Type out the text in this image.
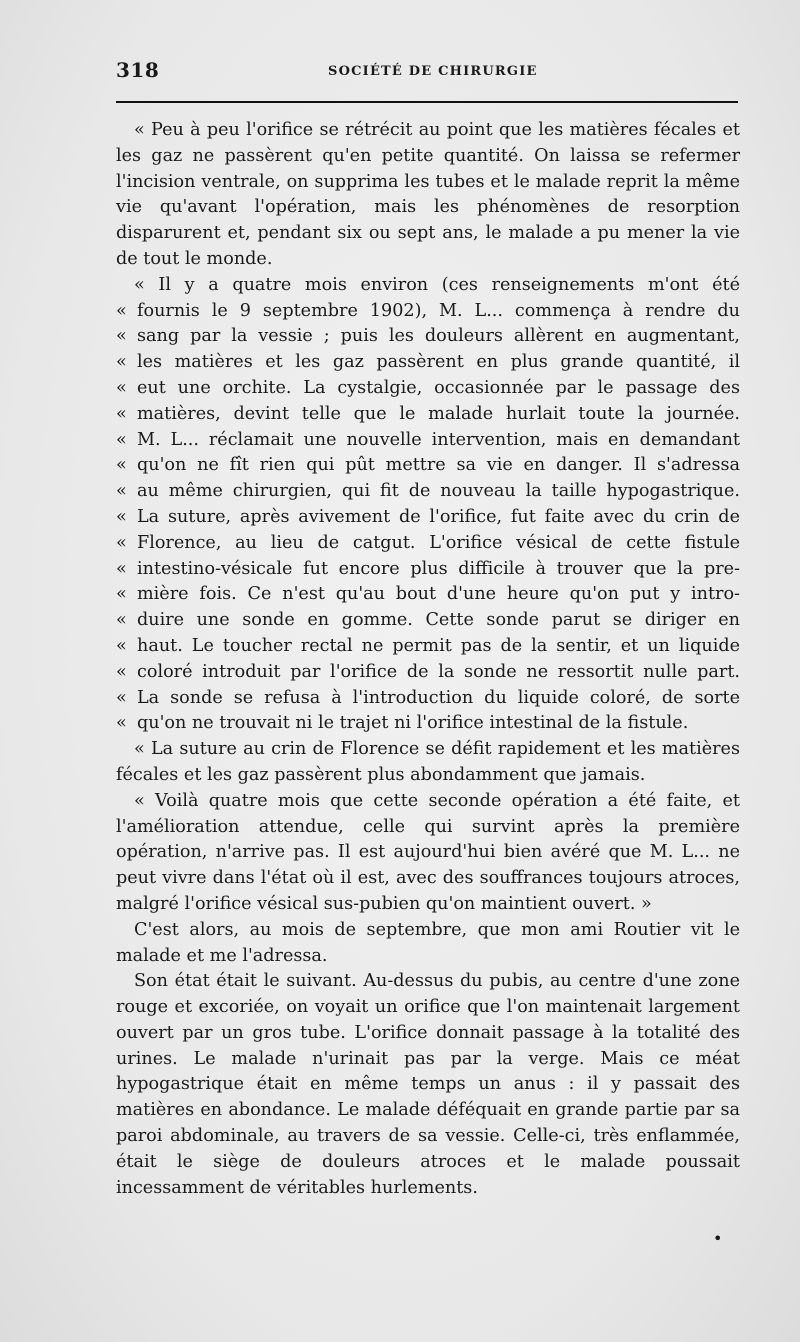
318	SOCIÉTÉ DE CHIRURGIE

« Peu à peu l'orifice se rétrécit au point que les matières fécales et les gaz ne passèrent qu'en petite quantité. On laissa se refermer l'incision ventrale, on supprima les tubes et le malade reprit la même vie qu'avant l'opération, mais les phénomènes de resorption disparurent et, pendant six ou sept ans, le malade a pu mener la vie de tout le monde.

« Il y a quatre mois environ (ces renseignements m'ont été
« fournis le 9 septembre 1902), M. L... commença à rendre du
« sang par la vessie ; puis les douleurs allèrent en augmentant,
« les matières et les gaz passèrent en plus grande quantité, il
« eut une orchite. La cystalgie, occasionnée par le passage des
« matières, devint telle que le malade hurlait toute la journée.
« M. L... réclamait une nouvelle intervention, mais en demandant
« qu'on ne fît rien qui pût mettre sa vie en danger. Il s'adressa
« au même chirurgien, qui fit de nouveau la taille hypogastrique.
« La suture, après avivement de l'orifice, fut faite avec du crin de
« Florence, au lieu de catgut. L'orifice vésical de cette fistule
« intestino-vésicale fut encore plus difficile à trouver que la pre-
« mière fois. Ce n'est qu'au bout d'une heure qu'on put y intro-
« duire une sonde en gomme. Cette sonde parut se diriger en
« haut. Le toucher rectal ne permit pas de la sentir, et un liquide
« coloré introduit par l'orifice de la sonde ne ressortit nulle part.
« La sonde se refusa à l'introduction du liquide coloré, de sorte
« qu'on ne trouvait ni le trajet ni l'orifice intestinal de la fistule.

« La suture au crin de Florence se défit rapidement et les matières fécales et les gaz passèrent plus abondamment que jamais.

« Voilà quatre mois que cette seconde opération a été faite, et l'amélioration attendue, celle qui survint après la première opération, n'arrive pas. Il est aujourd'hui bien avéré que M. L... ne peut vivre dans l'état où il est, avec des souffrances toujours atroces, malgré l'orifice vésical sus-pubien qu'on maintient ouvert. »

C'est alors, au mois de septembre, que mon ami Routier vit le malade et me l'adressa.

Son état était le suivant. Au-dessus du pubis, au centre d'une zone rouge et excoriée, on voyait un orifice que l'on maintenait largement ouvert par un gros tube. L'orifice donnait passage à la totalité des urines. Le malade n'urinait pas par la verge. Mais ce méat hypogastrique était en même temps un anus : il y passait des matières en abondance. Le malade déféquait en grande partie par sa paroi abdominale, au travers de sa vessie. Celle-ci, très enflammée, était le siège de douleurs atroces et le malade poussait incessamment de véritables hurlements.

•
